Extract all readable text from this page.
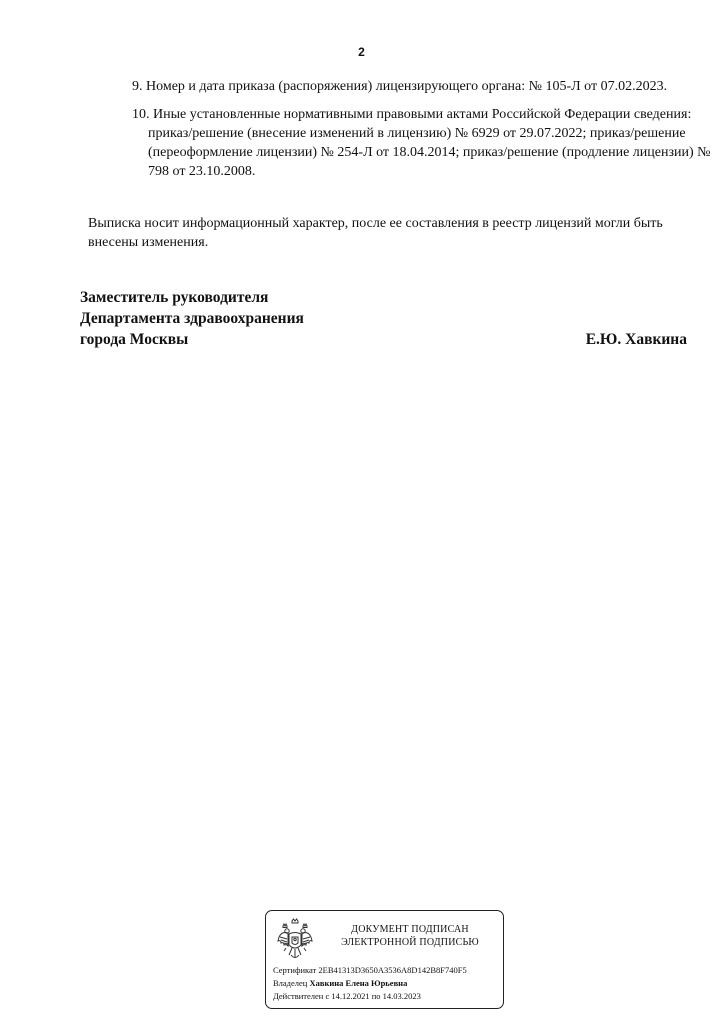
2
9. Номер и дата приказа (распоряжения) лицензирующего органа: № 105-Л от 07.02.2023.
10. Иные установленные нормативными правовыми актами Российской Федерации сведения: приказ/решение (внесение изменений в лицензию) № 6929 от 29.07.2022; приказ/решение (переоформление лицензии) № 254-Л от 18.04.2014; приказ/решение (продление лицензии) № 798 от 23.10.2008.
Выписка носит информационный характер, после ее составления в реестр лицензий могли быть внесены изменения.
Заместитель руководителя
Департамента здравоохранения
города Москвы	Е.Ю. Хавкина
ДОКУМЕНТ ПОДПИСАН
ЭЛЕКТРОННОЙ ПОДПИСЬЮ
Сертификат 2EB41313D3650A3536A8D142B8F740F5
Владелец Хавкина Елена Юрьевна
Действителен с 14.12.2021 по 14.03.2023
